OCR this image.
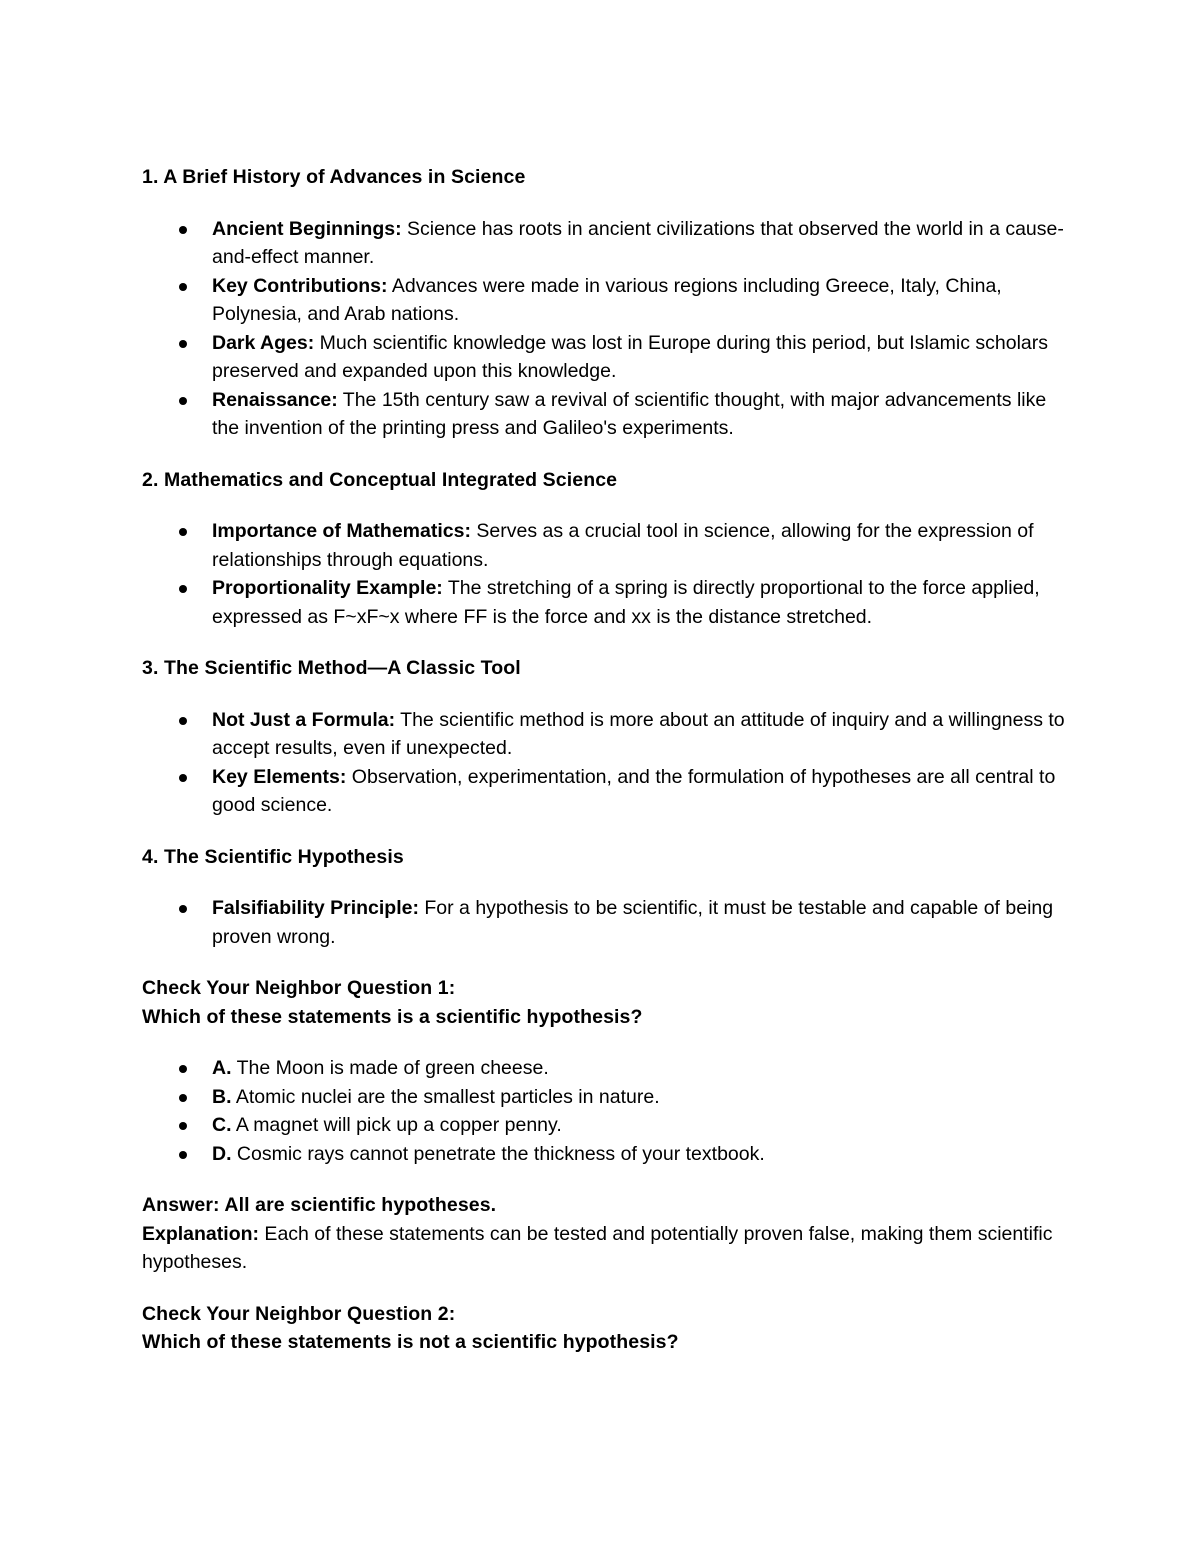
1. A Brief History of Advances in Science

Ancient Beginnings: Science has roots in ancient civilizations that observed the world in a cause-and-effect manner.
Key Contributions: Advances were made in various regions including Greece, Italy, China, Polynesia, and Arab nations.
Dark Ages: Much scientific knowledge was lost in Europe during this period, but Islamic scholars preserved and expanded upon this knowledge.
Renaissance: The 15th century saw a revival of scientific thought, with major advancements like the invention of the printing press and Galileo's experiments.

2. Mathematics and Conceptual Integrated Science

Importance of Mathematics: Serves as a crucial tool in science, allowing for the expression of relationships through equations.
Proportionality Example: The stretching of a spring is directly proportional to the force applied, expressed as F~xF~x where FF is the force and xx is the distance stretched.

3. The Scientific Method—A Classic Tool

Not Just a Formula: The scientific method is more about an attitude of inquiry and a willingness to accept results, even if unexpected.
Key Elements: Observation, experimentation, and the formulation of hypotheses are all central to good science.

4. The Scientific Hypothesis

Falsifiability Principle: For a hypothesis to be scientific, it must be testable and capable of being proven wrong.

Check Your Neighbor Question 1:

Which of these statements is a scientific hypothesis?

A. The Moon is made of green cheese.
B. Atomic nuclei are the smallest particles in nature.
C. A magnet will pick up a copper penny.
D. Cosmic rays cannot penetrate the thickness of your textbook.

Answer: All are scientific hypotheses.

Explanation: Each of these statements can be tested and potentially proven false, making them scientific hypotheses.

Check Your Neighbor Question 2:

Which of these statements is not a scientific hypothesis?
